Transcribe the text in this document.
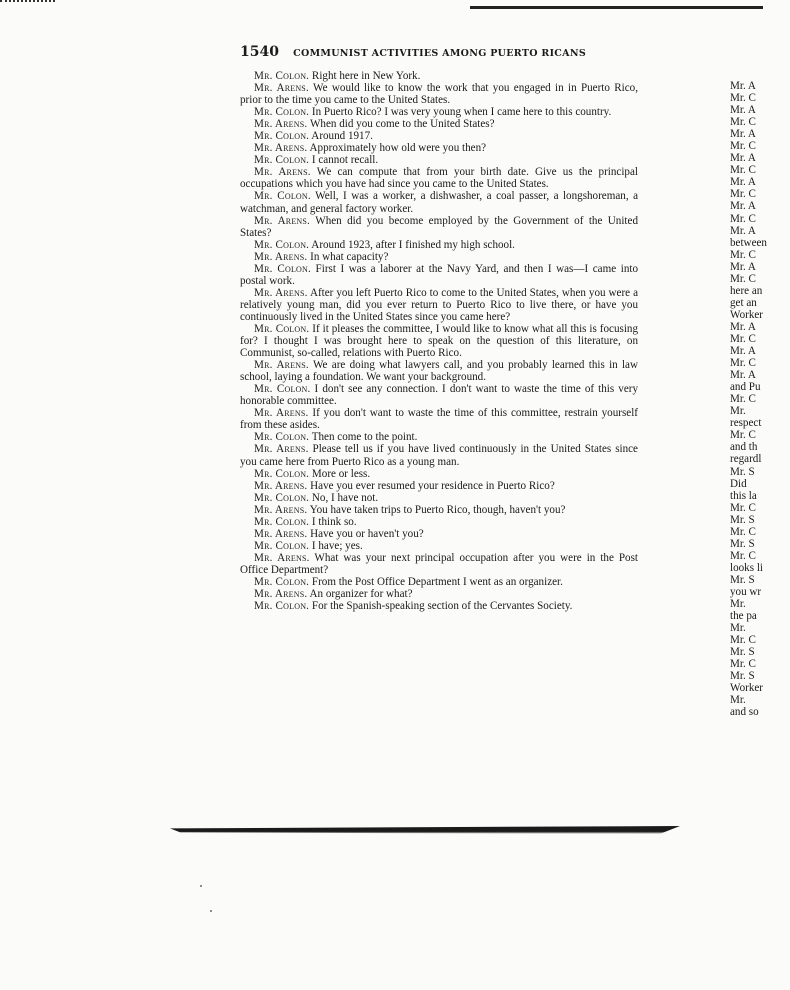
1540 COMMUNIST ACTIVITIES AMONG PUERTO RICANS

Mr. Colon. Right here in New York.

Mr. Arens. We would like to know the work that you engaged in in Puerto Rico, prior to the time you came to the United States.

Mr. Colon. In Puerto Rico? I was very young when I came here to this country.

Mr. Arens. When did you come to the United States?

Mr. Colon. Around 1917.

Mr. Arens. Approximately how old were you then?

Mr. Colon. I cannot recall.

Mr. Arens. We can compute that from your birth date. Give us the principal occupations which you have had since you came to the United States.

Mr. Colon. Well, I was a worker, a dishwasher, a coal passer, a longshoreman, a watchman, and general factory worker.

Mr. Arens. When did you become employed by the Government of the United States?

Mr. Colon. Around 1923, after I finished my high school.

Mr. Arens. In what capacity?

Mr. Colon. First I was a laborer at the Navy Yard, and then I was—I came into postal work.

Mr. Arens. After you left Puerto Rico to come to the United States, when you were a relatively young man, did you ever return to Puerto Rico to live there, or have you continuously lived in the United States since you came here?

Mr. Colon. If it pleases the committee, I would like to know what all this is focusing for? I thought I was brought here to speak on the question of this literature, on Communist, so-called, relations with Puerto Rico.

Mr. Arens. We are doing what lawyers call, and you probably learned this in law school, laying a foundation. We want your background.

Mr. Colon. I don't see any connection. I don't want to waste the time of this very honorable committee.

Mr. Arens. If you don't want to waste the time of this committee, restrain yourself from these asides.

Mr. Colon. Then come to the point.

Mr. Arens. Please tell us if you have lived continuously in the United States since you came here from Puerto Rico as a young man.

Mr. Colon. More or less.

Mr. Arens. Have you ever resumed your residence in Puerto Rico?

Mr. Colon. No, I have not.

Mr. Arens. You have taken trips to Puerto Rico, though, haven't you?

Mr. Colon. I think so.

Mr. Arens. Have you or haven't you?

Mr. Colon. I have; yes.

Mr. Arens. What was your next principal occupation after you were in the Post Office Department?

Mr. Colon. From the Post Office Department I went as an organizer.

Mr. Arens. An organizer for what?

Mr. Colon. For the Spanish-speaking section of the Cervantes Society.

Mr. A
Mr. C
Mr. A
Mr. C
Mr. A
Mr. C
Mr. A
Mr. C
Mr. A
Mr. C
Mr. A
Mr. C
Mr. A
between
Mr. C
Mr. A
Mr. C
here an
get an
Worker
Mr. A
Mr. C
Mr. A
Mr. C
Mr. A
and Pu
Mr. C
Mr.
respect
Mr. C
and th
regardl
Mr. S
Did
this la
Mr. C
Mr. S
Mr. C
Mr. S
Mr. C
looks li
Mr. S
you wr
Mr.
the pa
Mr.
Mr. C
Mr. S
Mr. C
Mr. S
Worker
Mr.
and so
